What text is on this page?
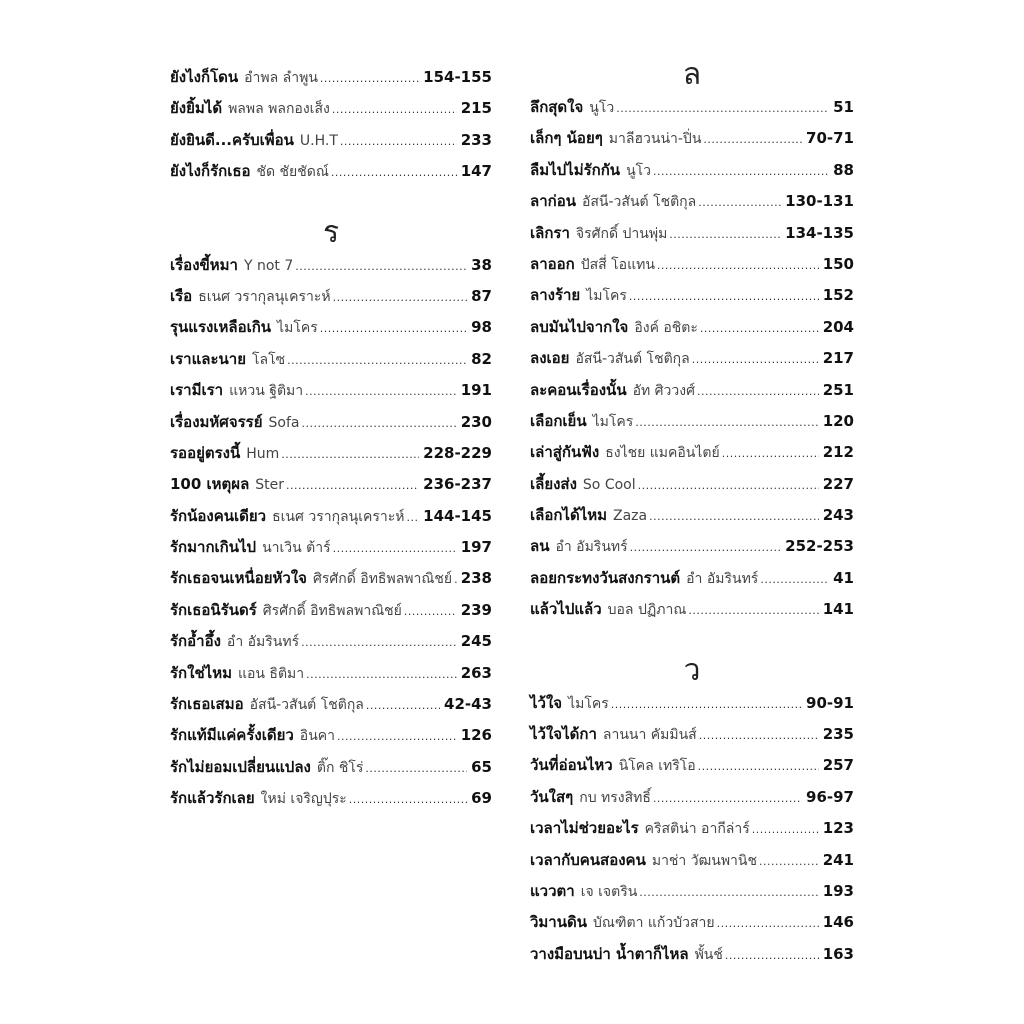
ยังไงก็โดน อำพล ลำพูน .....	154-155
ยังยิ้มได้ พลพล พลกองเส็ง .....	215
ยังยินดี...ครับเพื่อน U.H.T .....	233
ยังไงก็รักเธอ ชัด ชัยชัดณ์ .....	147
ร
เรื่องขี้หมา Y not 7 .....	38
เรือ ธเนศ วรากุลนุเคราะห์ .....	87
รุนแรงเหลือเกิน ไมโคร .....	98
เราและนาย โลโซ .....	82
เรามีเรา แหวน ฐิติมา .....	191
เรื่องมหัศจรรย์ Sofa .....	230
รออยู่ตรงนี้ Hum .....	228-229
100 เหตุผล Ster .....	236-237
รักน้องคนเดียว ธเนศ วรากุลนุเคราะห์ ..... 144-145
รักมากเกินไป นาเวิน ต้าร์ .....	197
รักเธอจนเหนื่อยหัวใจ ศิรศักดิ์ อิทธิพลพาณิชย์ ..... 238
รักเธอนิรันดร์ ศิรศักดิ์ อิทธิพลพาณิชย์ .....	239
รักอ้ำอึ้ง อำ อัมรินทร์ .....	245
รักใช่ไหม แอน ธิติมา .....	263
รักเธอเสมอ อัสนี-วสันต์ โชติกุล .....	42-43
รักแท้มีแค่ครั้งเดียว อินคา .....	126
รักไม่ยอมเปลี่ยนแปลง ติ๊ก ชิโร่ .....	65
รักแล้วรักเลย ใหม่ เจริญปุระ .....	69
ล
ลึกสุดใจ นูโว .....	51
เล็กๆ น้อยๆ มาลีฮวนน่า-ปิ่น .....	70-71
ลืมไปไม่รักกัน นูโว .....	88
ลาก่อน อัสนี-วสันต์ โชติกุล .....	130-131
เลิกรา จิรศักดิ์ ปานพุ่ม .....	134-135
ลาออก ปัสสี่ โอแทน .....	150
ลางร้าย ไมโคร .....	152
ลบมันไปจากใจ อิงค์ อชิตะ .....	204
ลงเอย อัสนี-วสันต์ โชติกุล .....	217
ละคอนเรื่องนั้น อัท ศิววงศ์ .....	251
เลือกเย็น ไมโคร .....	120
เล่าสู่กันฟัง ธงไชย แมคอินไตย์ .....	212
เลี้ยงส่ง So Cool .....	227
เลือกได้ไหม Zaza .....	243
ลน อำ อัมรินทร์ .....	252-253
ลอยกระทงวันสงกรานต์ อำ อัมรินทร์ .....	41
แล้วไปแล้ว บอล ปฏิภาณ .....	141
ว
ไว้ใจ ไมโคร .....	90-91
ไว้ใจได้กา ลานนา คัมมินส์ .....	235
วันที่อ่อนไหว นิโคล เทริโอ .....	257
วันใสๆ กบ ทรงสิทธิ์ .....	96-97
เวลาไม่ช่วยอะไร คริสติน่า อากีล่าร์ .....	123
เวลากับคนสองคน มาช่า วัฒนพานิช .....	241
แววตา เจ เจตริน .....	193
วิมานดิน บัณฑิตา แก้วบัวสาย .....	146
วางมือบนบ่า น้ำตาก็ไหล พั้นช์ .....	163
